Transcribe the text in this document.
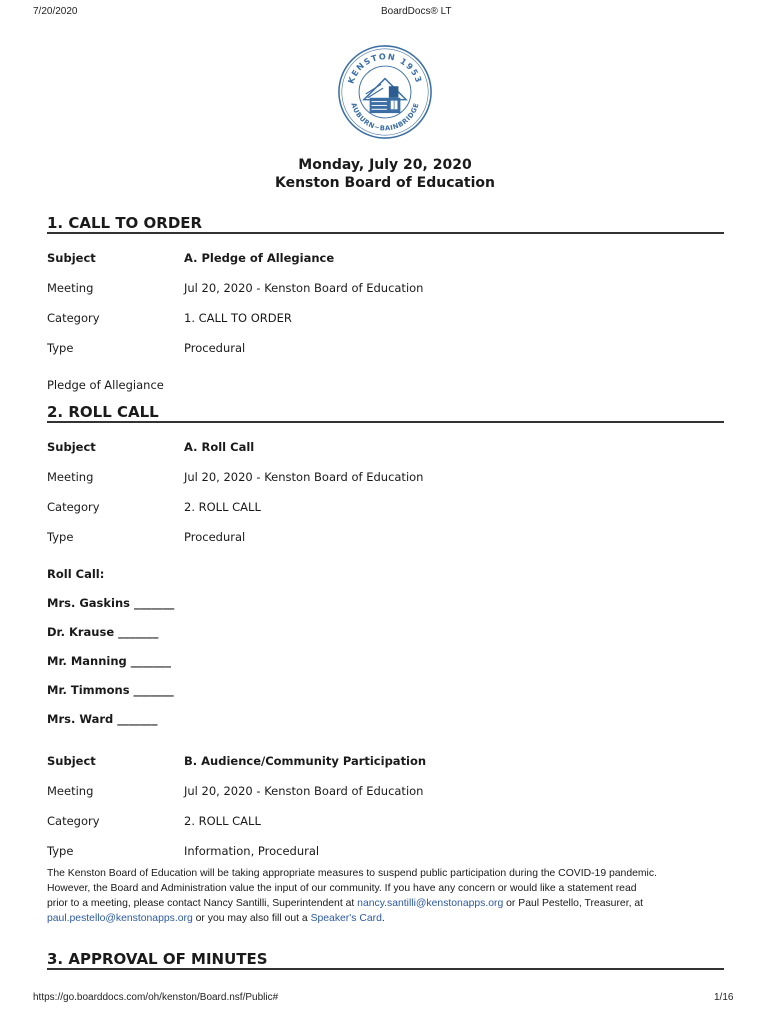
7/20/2020	BoardDocs® LT
KENSTON 1953
AUBURN~BAINBRIDGE
Monday, July 20, 2020
Kenston Board of Education
1. CALL TO ORDER
Subject	A. Pledge of Allegiance
Meeting	Jul 20, 2020 - Kenston Board of Education
Category	1. CALL TO ORDER
Type	Procedural
Pledge of Allegiance
2. ROLL CALL
Subject	A. Roll Call
Meeting	Jul 20, 2020 - Kenston Board of Education
Category	2. ROLL CALL
Type	Procedural
Roll Call:
Mrs. Gaskins _______
Dr. Krause _______
Mr. Manning _______
Mr. Timmons _______
Mrs. Ward _______
Subject	B. Audience/Community Participation
Meeting	Jul 20, 2020 - Kenston Board of Education
Category	2. ROLL CALL
Type	Information, Procedural
The Kenston Board of Education will be taking appropriate measures to suspend public participation during the COVID-19 pandemic.
However, the Board and Administration value the input of our community. If you have any concern or would like a statement read
prior to a meeting, please contact Nancy Santilli, Superintendent at nancy.santilli@kenstonapps.org or Paul Pestello, Treasurer, at
paul.pestello@kenstonapps.org or you may also fill out a Speaker's Card.
3. APPROVAL OF MINUTES
https://go.boarddocs.com/oh/kenston/Board.nsf/Public#	1/16
